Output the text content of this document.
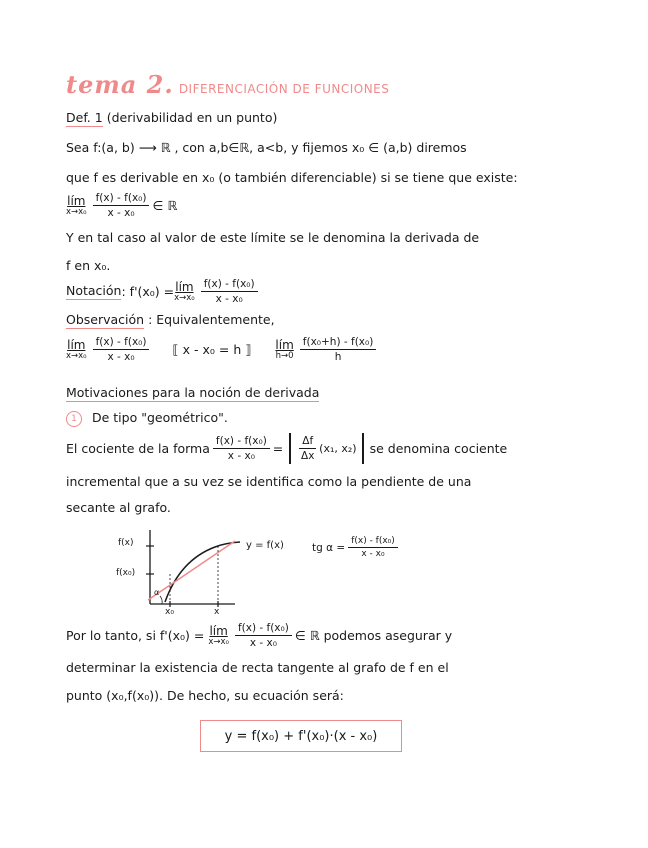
tema 2. DIFERENCIACIÓN DE FUNCIONES
Def. 1 (derivabilidad en un punto)
Sea f:(a, b) ⟶ ℝ , con a,b∈ℝ, a<b, y fijemos x₀ ∈ (a,b) diremos
que f es derivable en x₀ (o también diferenciable) si se tiene que existe:
lím
$x\to x_0 \frac{\text{f(x) - f(x₀)}}{\text{x - x₀}}$ ∈ ℝ
Y en tal caso al valor de este límite se le denomina la derivada de
f en x₀.
Notación : f'(x₀) = lím
$x\to x_0 \frac{\text{f(x) - f(x₀)}}{\text{x - x₀}}$
Observación : Equivalentemente,
lím
$x\to x_0 \frac{\text{f(x) - f(x₀)}}{\text{x - x₀}}$ ⟦ x - x₀ = h ⟧ lím
$h\to 0 \frac{\text{f(x₀+h) - f(x₀)}}{h}$
Motivaciones para la noción de derivada
1 De tipo "geométrico".
El cociente de la forma $\frac{\text{f(x) - f(x₀)}}{\text{x - x₀}} = \frac{\Delta f}{\Delta x} (x_1$, x₂) se denomina cociente
incremental que a su vez se identifica como la pendiente de una
secante al grafo.
f(x)
f(x₀)
x₀	x
α
y = f(x)	tg $\alpha = \frac{\text{f(x) - f(x₀)}}{\text{x - x₀}}$
Por lo tanto, si f'(x₀) = lím
$x\to x_0 \frac{\text{f(x) - f(x₀)}}{\text{x - x₀}}$ ∈ ℝ podemos asegurar y
determinar la existencia de recta tangente al grafo de f en el
punto (x₀,f(x₀)). De hecho, su ecuación será:
y = f(x₀) + f'(x₀)·(x - x₀)
